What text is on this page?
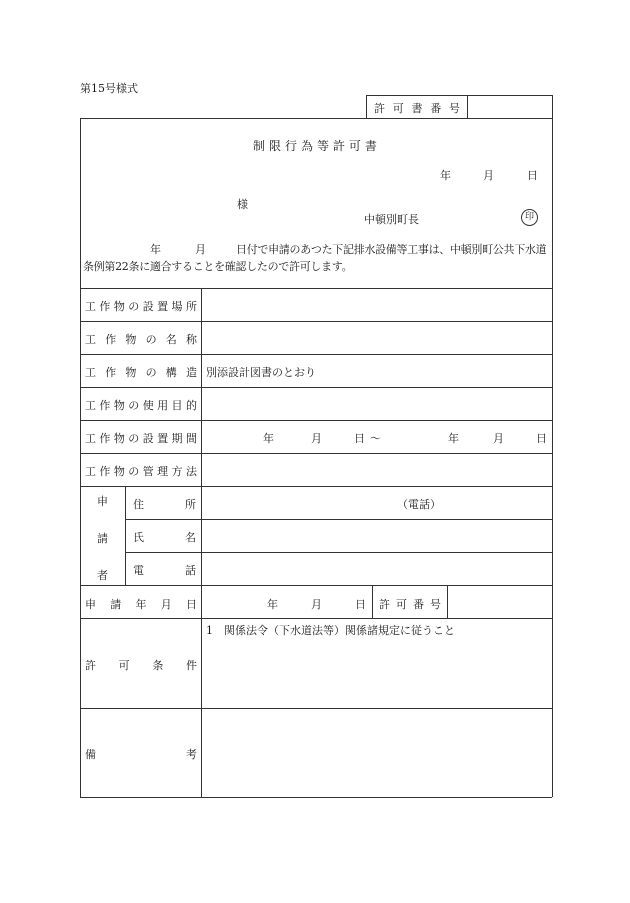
第15号様式
許 可 書 番 号
制 限 行 為 等 許 可 書
年	月	日
様
中頓別町長	印
年	月	日付で申請のあつた下記排水設備等工事は、中頓別町公共下水道
条例第22条に適合することを確認したので許可します。
工 作 物 の 設 置 場 所
工 作 物 の 名 称
工 作 物 の 構 造 別添設計図書のとおり
工 作 物 の 使 用 目 的
工 作 物 の 設 置 期 間	年	月	日 〜	年	月	日
工 作 物 の 管 理 方 法
申
請
者
住	所	（電話）
氏	名
電	話
申 請 年 月 日	年	月	日 許 可 番 号
許 可 条 件
1　関係法令（下水道法等）関係諸規定に従うこと
備	考
